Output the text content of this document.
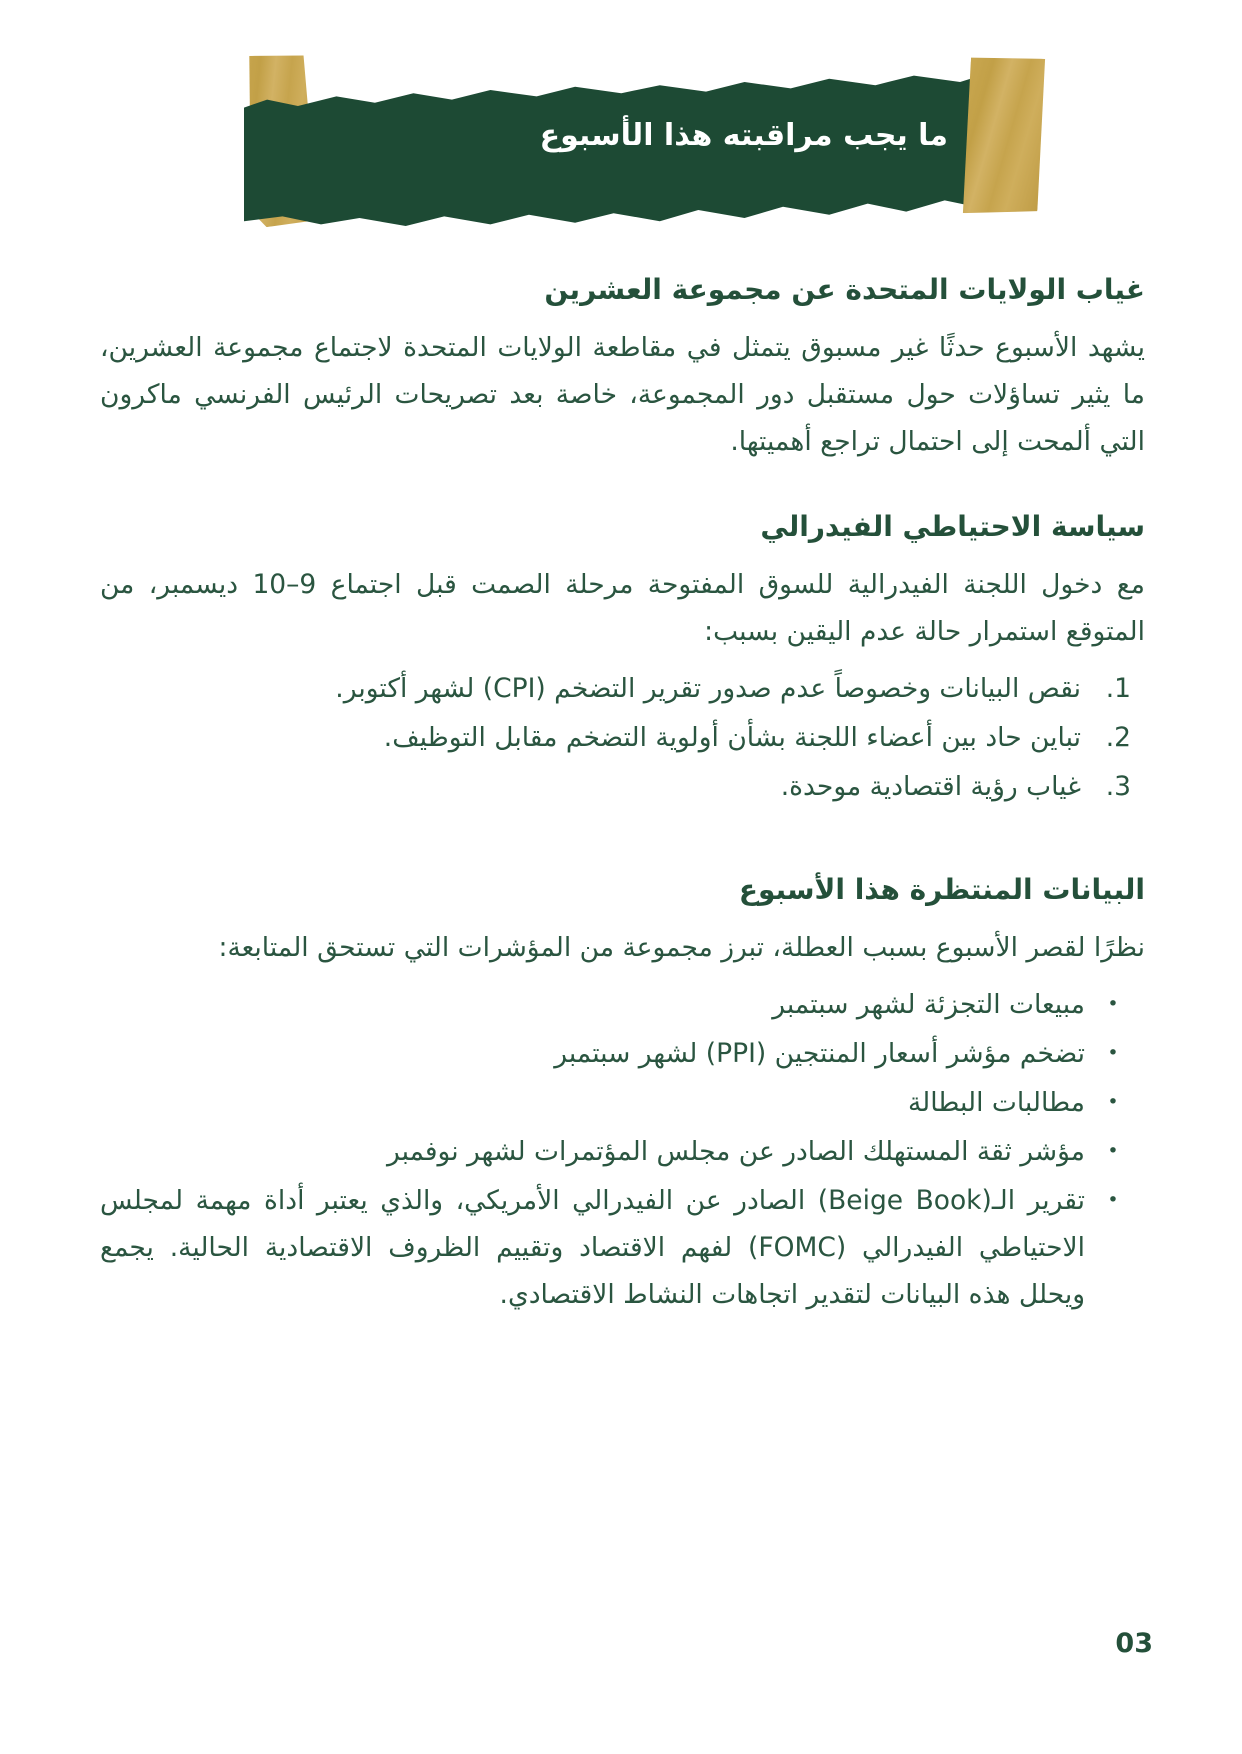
ما يجب مراقبته هذا الأسبوع
غياب الولايات المتحدة عن مجموعة العشرين

يشهد الأسبوع حدثًا غير مسبوق يتمثل في مقاطعة الولايات المتحدة لاجتماع مجموعة العشرين، ما يثير تساؤلات حول مستقبل دور المجموعة، خاصة بعد تصريحات الرئيس الفرنسي ماكرون التي ألمحت إلى احتمال تراجع أهميتها.

سياسة الاحتياطي الفيدرالي

مع دخول اللجنة الفيدرالية للسوق المفتوحة مرحلة الصمت قبل اجتماع 9–10 ديسمبر، من المتوقع استمرار حالة عدم اليقين بسبب:

1.
نقص البيانات وخصوصاً عدم صدور تقرير التضخم (CPI) لشهر أكتوبر.
2.
تباين حاد بين أعضاء اللجنة بشأن أولوية التضخم مقابل التوظيف.
3.
غياب رؤية اقتصادية موحدة.
البيانات المنتظرة هذا الأسبوع

نظرًا لقصر الأسبوع بسبب العطلة، تبرز مجموعة من المؤشرات التي تستحق المتابعة:

•
مبيعات التجزئة لشهر سبتمبر
•
تضخم مؤشر أسعار المنتجين (PPI) لشهر سبتمبر
•
مطالبات البطالة
•
مؤشر ثقة المستهلك الصادر عن مجلس المؤتمرات لشهر نوفمبر
•
تقرير الـ(Beige Book) الصادر عن الفيدرالي الأمريكي، والذي يعتبر أداة مهمة لمجلس الاحتياطي الفيدرالي (FOMC) لفهم الاقتصاد وتقييم الظروف الاقتصادية الحالية. يجمع ويحلل هذه البيانات لتقدير اتجاهات النشاط الاقتصادي.
03
